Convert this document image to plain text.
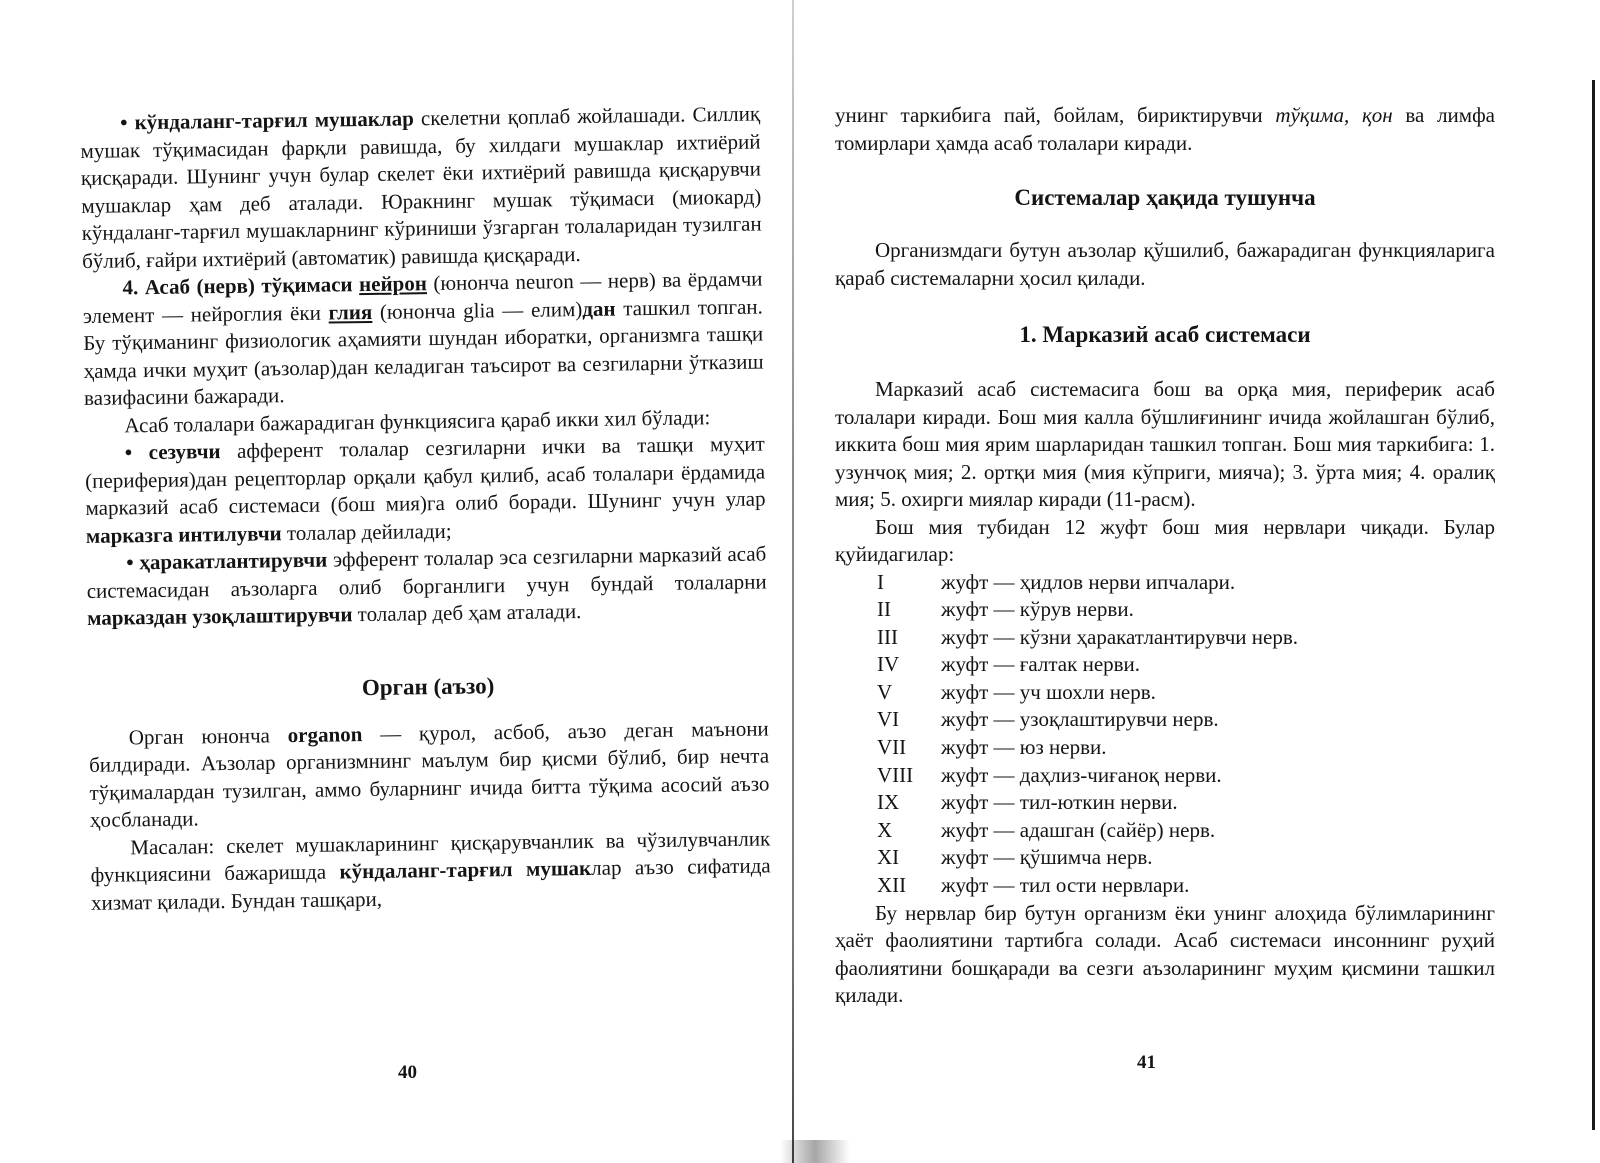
• кўндаланг-тарғил мушаклар скелетни қоплаб жойлашади. Силлиқ мушак тўқимасидан фарқли равишда, бу хилдаги мушаклар ихтиёрий қисқаради. Шунинг учун булар скелет ёки ихтиёрий равишда қисқарувчи мушаклар ҳам деб аталади. Юракнинг мушак тўқимаси (миокард) кўндаланг-тарғил мушакларнинг кўриниши ўзгарган толаларидан тузилган бўлиб, ғайри ихтиёрий (автоматик) равишда қисқаради.

4. Асаб (нерв) тўқимаси нейрон (юнонча neuron — нерв) ва ёрдамчи элемент — нейроглия ёки глия (юнонча glia — елим)дан ташкил топган. Бу тўқиманинг физиологик аҳамияти шундан иборатки, организмга ташқи ҳамда ички муҳит (аъзолар)дан келадиган таъсирот ва сезгиларни ўтказиш вазифасини бажаради.

Асаб толалари бажарадиган функциясига қараб икки хил бўлади:

• сезувчи афферент толалар сезгиларни ички ва ташқи муҳит (периферия)дан рецепторлар орқали қабул қилиб, асаб толалари ёрдамида марказий асаб системаси (бош мия)га олиб боради. Шунинг учун улар марказга интилувчи толалар дейилади;

• ҳаракатлантирувчи эфферент толалар эса сезгиларни марказий асаб системасидан аъзоларга олиб борганлиги учун бундай толаларни марказдан узоқлаштирувчи толалар деб ҳам аталади.

Орган (аъзо)

Орган юнонча organon — қурол, асбоб, аъзо деган маънони билдиради. Аъзолар организмнинг маълум бир қисми бўлиб, бир нечта тўқималардан тузилган, аммо буларнинг ичида битта тўқима асосий аъзо ҳосбланади.

Масалан: скелет мушакларининг қисқарувчанлик ва чўзилувчанлик функциясини бажаришда кўндаланг-тарғил мушаклар аъзо сифатида хизмат қилади. Бундан ташқари,

40

унинг таркибига пай, бойлам, бириктирувчи тўқима, қон ва лимфа томирлари ҳамда асаб толалари киради.

Системалар ҳақида тушунча

Организмдаги бутун аъзолар қўшилиб, бажарадиган функцияларига қараб системаларни ҳосил қилади.

1. Марказий асаб системаси

Марказий асаб системасига бош ва орқа мия, периферик асаб толалари киради. Бош мия калла бўшлиғининг ичида жойлашган бўлиб, иккита бош мия ярим шарларидан ташкил топган. Бош мия таркибига: 1. узунчоқ мия; 2. ортқи мия (мия кўприги, миячa); 3. ўрта мия; 4. оралиқ мия; 5. охирги миялар киради (11-расм).

Бош мия тубидан 12 жуфт бош мия нервлари чиқади. Булар қуйидагилар:

I	жуфт — ҳидлов нерви ипчалари.
II	жуфт — кўрув нерви.
III	жуфт — кўзни ҳаракатлантирувчи нерв.
IV	жуфт — ғалтак нерви.
V	жуфт — уч шохли нерв.
VI	жуфт — узоқлаштирувчи нерв.
VII	жуфт — юз нерви.
VIII	жуфт — даҳлиз-чиғаноқ нерви.
IX	жуфт — тил-юткин нерви.
X	жуфт — адашган (сайёр) нерв.
XI	жуфт — қўшимча нерв.
XII	жуфт — тил ости нервлари.

Бу нервлар бир бутун организм ёки унинг алоҳида бўлимларининг ҳаёт фаолиятини тартибга солади. Асаб системаси инсоннинг руҳий фаолиятини бошқаради ва сезги аъзоларининг муҳим қисмини ташкил қилади.

41
